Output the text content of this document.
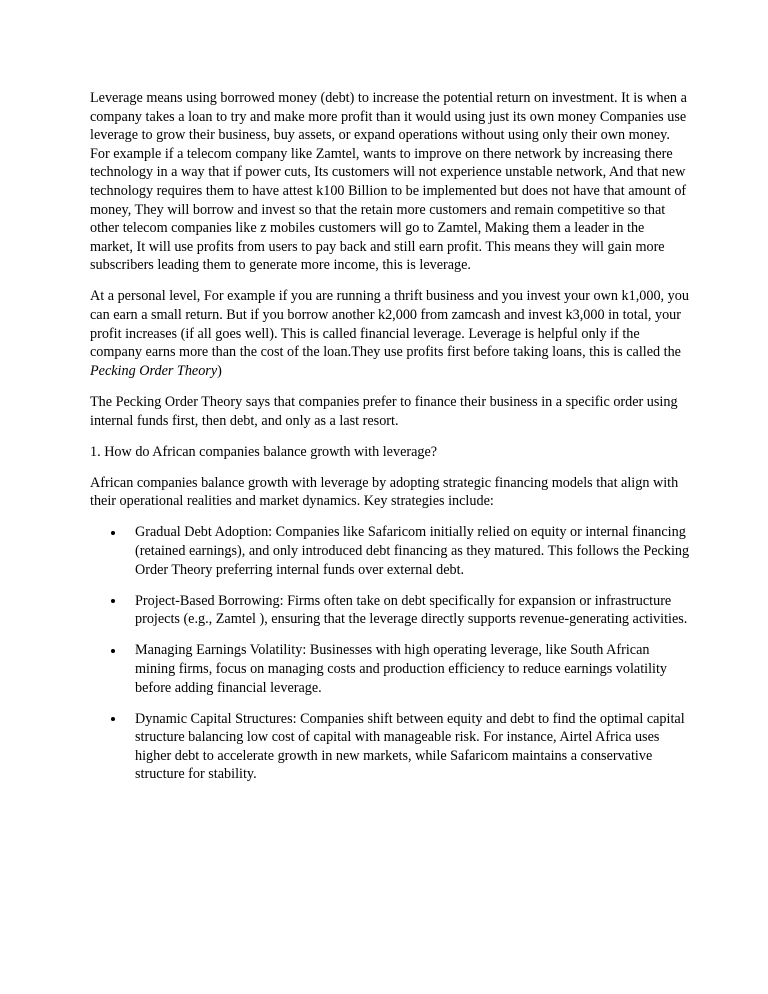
Leverage means using borrowed money (debt) to increase the potential return on investment. It is when a company takes a loan to try and make more profit than it would using just its own money Companies use leverage to grow their business, buy assets, or expand operations without using only their own money. For example if a telecom company like Zamtel, wants to improve on there network by increasing there technology in a way that if power cuts, Its customers will not experience unstable network, And that new technology requires them to have attest k100 Billion to be implemented but does not have that amount of money, They will borrow and invest so that the retain more customers and remain competitive so that other telecom companies like z mobiles customers will go to Zamtel, Making them a leader in the market, It will use profits from users to pay back and still earn profit. This means they will gain more subscribers leading them to generate more income, this is leverage.

At a personal level, For example if you are running a thrift business and you invest your own k1,000, you can earn a small return. But if you borrow another k2,000 from zamcash and invest k3,000 in total, your profit increases (if all goes well). This is called financial leverage. Leverage is helpful only if the company earns more than the cost of the loan.They use profits first before taking loans, this is called the Pecking Order Theory)

The Pecking Order Theory says that companies prefer to finance their business in a specific order using internal funds first, then debt, and only as a last resort.

1. How do African companies balance growth with leverage?

African companies balance growth with leverage by adopting strategic financing models that align with their operational realities and market dynamics. Key strategies include:

Gradual Debt Adoption: Companies like Safaricom initially relied on equity or internal financing (retained earnings), and only introduced debt financing as they matured. This follows the Pecking Order Theory preferring internal funds over external debt.
Project-Based Borrowing: Firms often take on debt specifically for expansion or infrastructure projects (e.g., Zamtel ), ensuring that the leverage directly supports revenue-generating activities.
Managing Earnings Volatility: Businesses with high operating leverage, like South African mining firms, focus on managing costs and production efficiency to reduce earnings volatility before adding financial leverage.
Dynamic Capital Structures: Companies shift between equity and debt to find the optimal capital structure balancing low cost of capital with manageable risk. For instance, Airtel Africa uses higher debt to accelerate growth in new markets, while Safaricom maintains a conservative structure for stability.
